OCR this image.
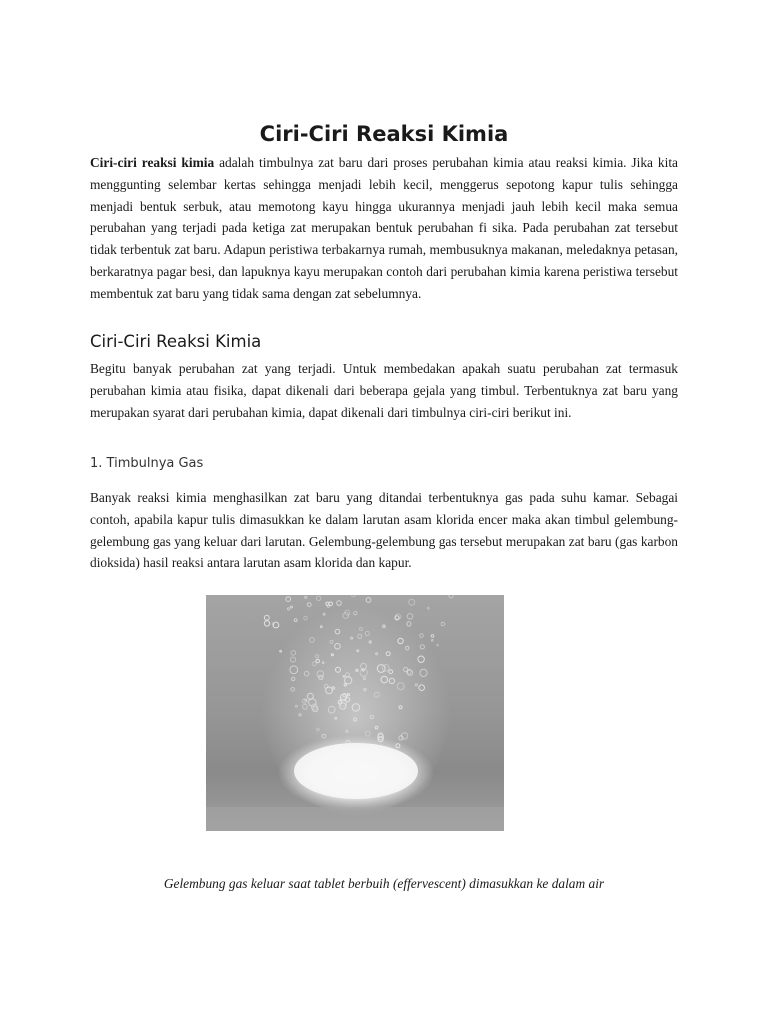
Ciri-Ciri Reaksi Kimia

Ciri-ciri reaksi kimia adalah timbulnya zat baru dari proses perubahan kimia atau reaksi kimia. Jika kita menggunting selembar kertas sehingga menjadi lebih kecil, menggerus sepotong kapur tulis sehingga menjadi bentuk serbuk, atau memotong kayu hingga ukurannya menjadi jauh lebih kecil maka semua perubahan yang terjadi pada ketiga zat merupakan bentuk perubahan fi sika. Pada perubahan zat tersebut tidak terbentuk zat baru. Adapun peristiwa terbakarnya rumah, membusuknya makanan, meledaknya petasan, berkaratnya pagar besi, dan lapuknya kayu merupakan contoh dari perubahan kimia karena peristiwa tersebut membentuk zat baru yang tidak sama dengan zat sebelumnya.

Ciri-Ciri Reaksi Kimia

Begitu banyak perubahan zat yang terjadi. Untuk membedakan apakah suatu perubahan zat termasuk perubahan kimia atau fisika, dapat dikenali dari beberapa gejala yang timbul. Terbentuknya zat baru yang merupakan syarat dari perubahan kimia, dapat dikenali dari timbulnya ciri-ciri berikut ini.

1. Timbulnya Gas

Banyak reaksi kimia menghasilkan zat baru yang ditandai terbentuknya gas pada suhu kamar. Sebagai contoh, apabila kapur tulis dimasukkan ke dalam larutan asam klorida encer maka akan timbul gelembung-gelembung gas yang keluar dari larutan. Gelembung-gelembung gas tersebut merupakan zat baru (gas karbon dioksida) hasil reaksi antara larutan asam klorida dan kapur.

Gelembung gas keluar saat tablet berbuih (effervescent) dimasukkan ke dalam air
